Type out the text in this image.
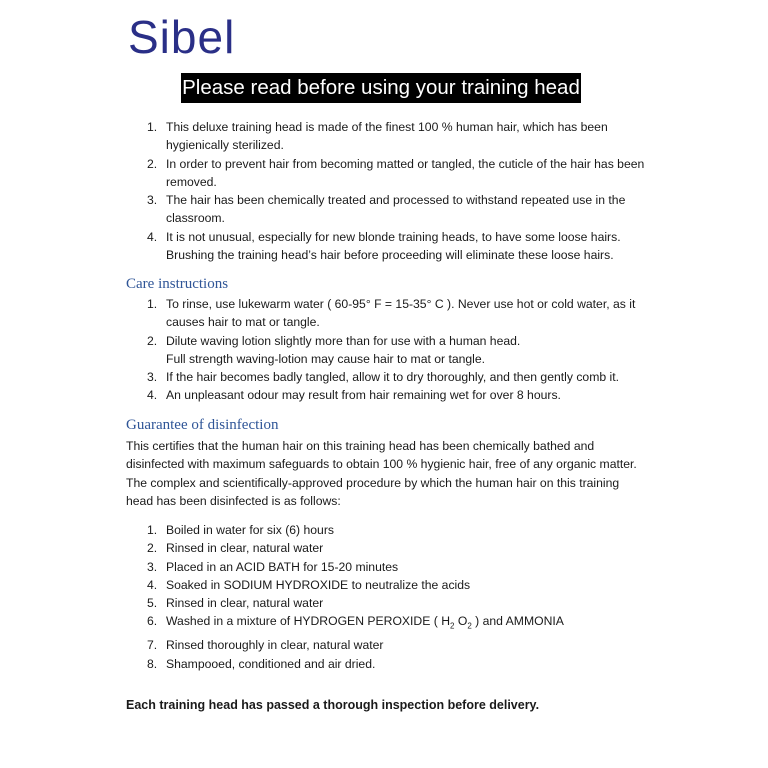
Sibel
Please read before using your training head
1. This deluxe training head is made of the finest 100 % human hair, which has been hygienically sterilized.
2. In order to prevent hair from becoming matted or tangled, the cuticle of the hair has been removed.
3. The hair has been chemically treated and processed to withstand repeated use in the classroom.
4. It is not unusual, especially for new blonde training heads, to have some loose hairs. Brushing the training head’s hair before proceeding will eliminate these loose hairs.
Care instructions
1. To rinse, use lukewarm water ( 60-95° F = 15-35° C ). Never use hot or cold water, as it causes hair to mat or tangle.
2. Dilute waving lotion slightly more than for use with a human head.
Full strength waving-lotion may cause hair to mat or tangle.
3. If the hair becomes badly tangled, allow it to dry thoroughly, and then gently comb it.
4. An unpleasant odour may result from hair remaining wet for over 8 hours.
Guarantee of disinfection

This certifies that the human hair on this training head has been chemically bathed and disinfected with maximum safeguards to obtain 100 % hygienic hair, free of any organic matter. The complex and scientifically-approved procedure by which the human hair on this training head has been disinfected is as follows:

1. Boiled in water for six (6) hours
2. Rinsed in clear, natural water
3. Placed in an ACID BATH for 15-20 minutes
4. Soaked in SODIUM HYDROXIDE to neutralize the acids
5. Rinsed in clear, natural water
6. Washed in a mixture of HYDROGEN PEROXIDE ( $H_2$ $O_2$ ) and AMMONIA
7. Rinsed thoroughly in clear, natural water
8. Shampooed, conditioned and air dried.

Each training head has passed a thorough inspection before delivery.
